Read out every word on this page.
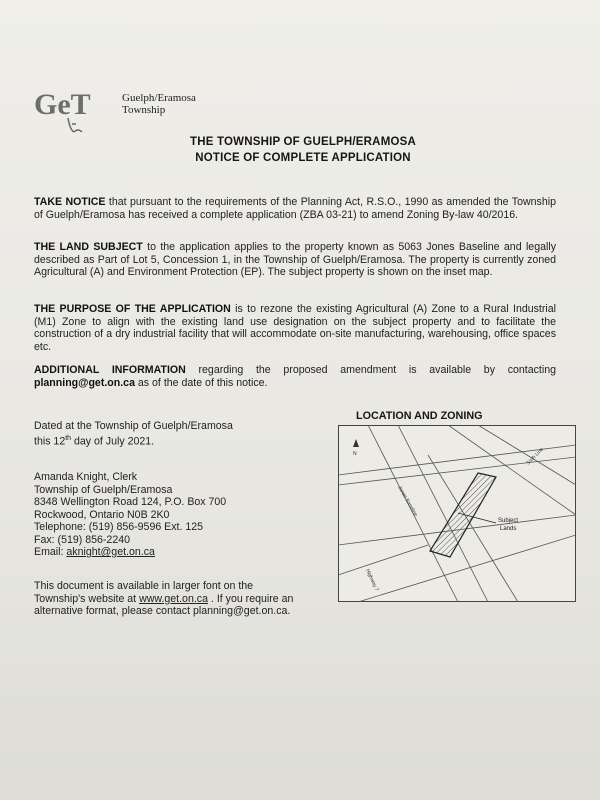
GeT	Guelph/Eramosa
Township
THE TOWNSHIP OF GUELPH/ERAMOSA
NOTICE OF COMPLETE APPLICATION
TAKE NOTICE that pursuant to the requirements of the Planning Act, R.S.O., 1990 as amended the Township of Guelph/Eramosa has received a complete application (ZBA 03-21) to amend Zoning By-law 40/2016.
THE LAND SUBJECT to the application applies to the property known as 5063 Jones Baseline and legally described as Part of Lot 5, Concession 1, in the Township of Guelph/Eramosa. The property is currently zoned Agricultural (A) and Environment Protection (EP). The subject property is shown on the inset map.
THE PURPOSE OF THE APPLICATION is to rezone the existing Agricultural (A) Zone to a Rural Industrial (M1) Zone to align with the existing land use designation on the subject property and to facilitate the construction of a dry industrial facility that will accommodate on-site manufacturing, warehousing, office spaces etc.
ADDITIONAL INFORMATION regarding the proposed amendment is available by contacting planning@get.on.ca as of the date of this notice.
Dated at the Township of Guelph/Eramosa
this 12th day of July 2021.
Amanda Knight, Clerk
Township of Guelph/Eramosa
8348 Wellington Road 124, P.O. Box 700
Rockwood, Ontario N0B 2K0
Telephone: (519) 856-9596 Ext. 125
Fax: (519) 856-2240
Email: aknight@get.on.ca
This document is available in larger font on the
Township's website at www.get.on.ca . If you require an
alternative format, please contact planning@get.on.ca.
LOCATION AND ZONING
Sixth Line
Jones Baseline
Highway 7
Subject
Lands
N
